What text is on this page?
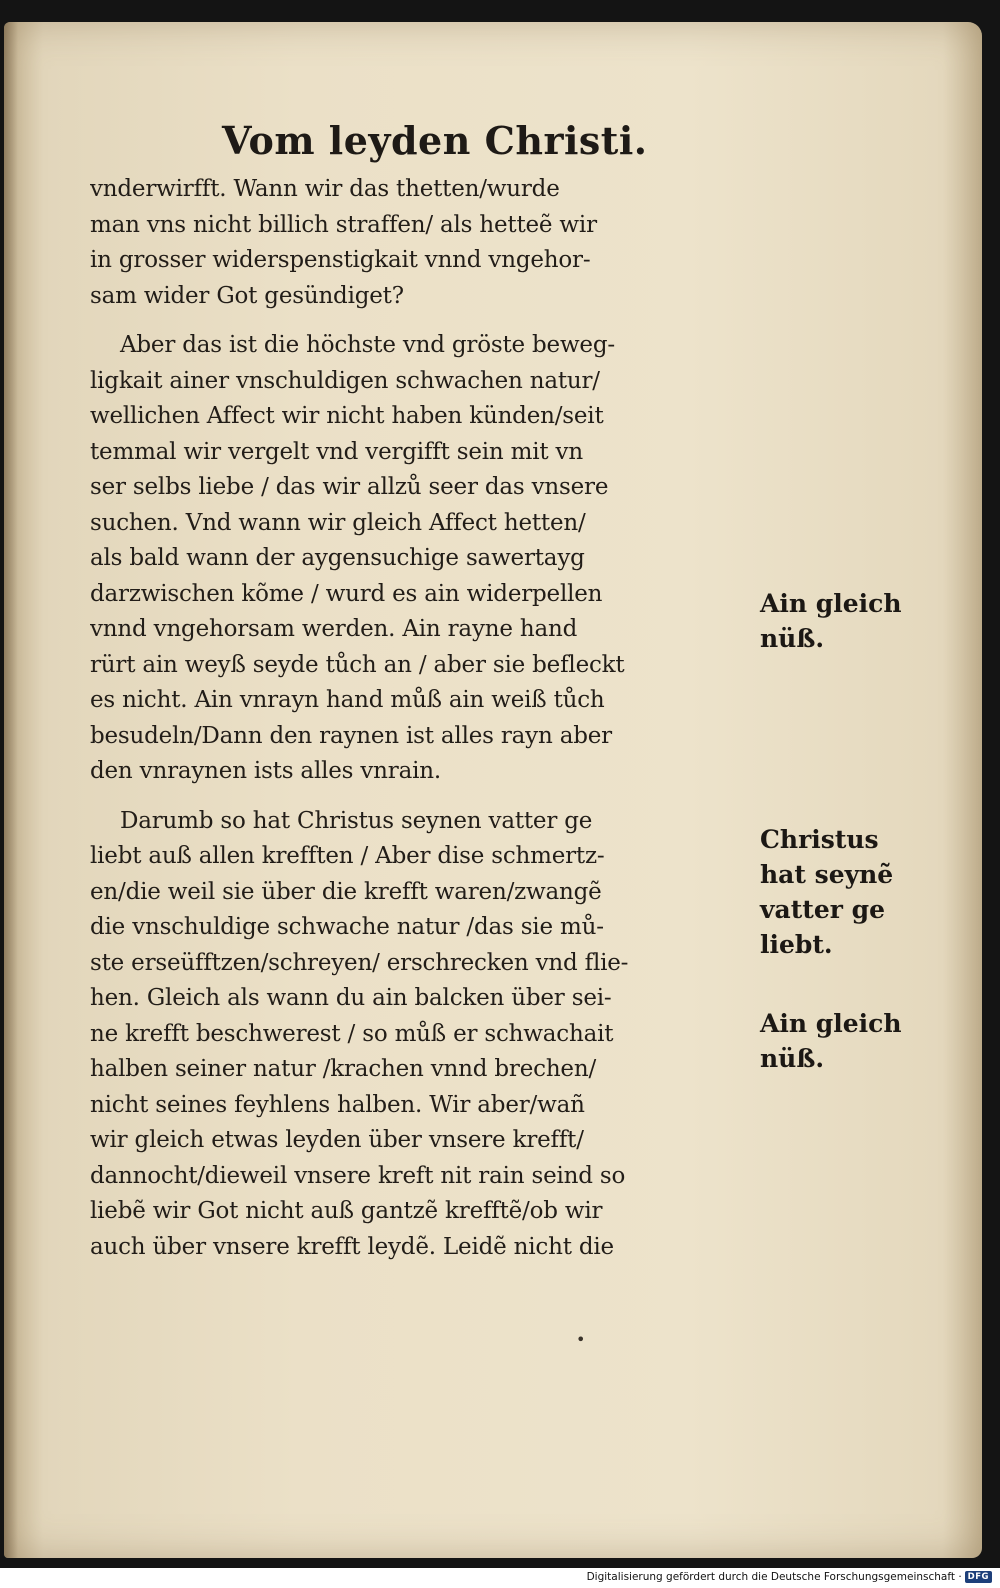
Vom leyden Christi.
vnderwirfft. Wann wir das thetten/wurde
man vns nicht billich straffen/ als hetteẽ wir
in grosser widerspenstigkait vnnd vngehor-
sam wider Got gesündiget?
Aber das ist die höchste vnd gröste beweg-
ligkait ainer vnschuldigen schwachen natur/
wellichen Affect wir nicht haben künden/seit
temmal wir vergelt vnd vergifft sein mit vn
ser selbs liebe / das wir allzů seer das vnsere
suchen. Vnd wann wir gleich Affect hetten/
als bald wann der aygensuchige sawertayg
darzwischen kõme / wurd es ain widerpellen
vnnd vngehorsam werden. Ain rayne hand
rürt ain weyß seyde tůch an / aber sie befleckt
es nicht. Ain vnrayn hand můß ain weiß tůch
besudeln/Dann den raynen ist alles rayn aber
den vnraynen ists alles vnrain.
Darumb so hat Christus seynen vatter ge
liebt auß allen krefften / Aber dise schmertz-
en/die weil sie über die krefft waren/zwangẽ
die vnschuldige schwache natur /das sie mů-
ste erseüfftzen/schreyen/ erschrecken vnd flie-
hen. Gleich als wann du ain balcken über sei-
ne krefft beschwerest / so můß er schwachait
halben seiner natur /krachen vnnd brechen/
nicht seines feyhlens halben. Wir aber/wañ
wir gleich etwas leyden über vnsere krefft/
dannocht/dieweil vnsere kreft nit rain seind so
liebẽ wir Got nicht auß gantzẽ krefftẽ/ob wir
auch über vnsere krefft leydẽ. Leidẽ nicht die
Ain gleich
nüß.
Christus
hat seynẽ
vatter ge
liebt.
Ain gleich
nüß.
•
Digitalisierung gefördert durch die Deutsche Forschungsgemeinschaft · DFG
